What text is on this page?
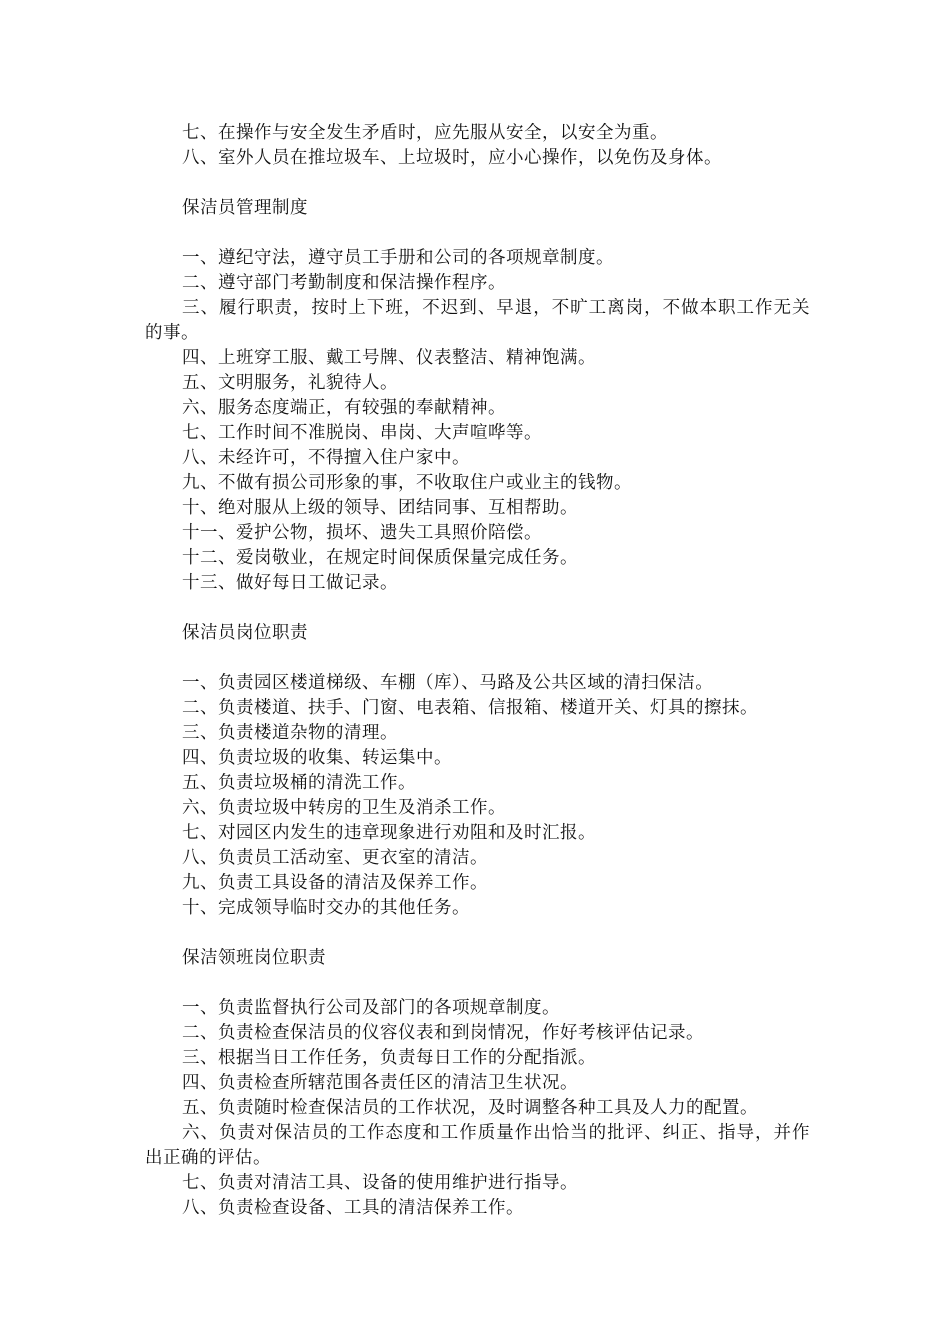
七、在操作与安全发生矛盾时，应先服从安全，以安全为重。
八、室外人员在推垃圾车、上垃圾时，应小心操作，以免伤及身体。
保洁员管理制度
一、遵纪守法，遵守员工手册和公司的各项规章制度。
二、遵守部门考勤制度和保洁操作程序。
三、履行职责，按时上下班，不迟到、早退，不旷工离岗，不做本职工作无关的事。
四、上班穿工服、戴工号牌、仪表整洁、精神饱满。
五、文明服务，礼貌待人。
六、服务态度端正，有较强的奉献精神。
七、工作时间不准脱岗、串岗、大声喧哗等。
八、未经许可，不得擅入住户家中。
九、不做有损公司形象的事，不收取住户或业主的钱物。
十、绝对服从上级的领导、团结同事、互相帮助。
十一、爱护公物，损坏、遗失工具照价陪偿。
十二、爱岗敬业，在规定时间保质保量完成任务。
十三、做好每日工做记录。
保洁员岗位职责
一、负责园区楼道梯级、车棚（库）、马路及公共区域的清扫保洁。
二、负责楼道、扶手、门窗、电表箱、信报箱、楼道开关、灯具的擦抹。
三、负责楼道杂物的清理。
四、负责垃圾的收集、转运集中。
五、负责垃圾桶的清洗工作。
六、负责垃圾中转房的卫生及消杀工作。
七、对园区内发生的违章现象进行劝阻和及时汇报。
八、负责员工活动室、更衣室的清洁。
九、负责工具设备的清洁及保养工作。
十、完成领导临时交办的其他任务。
保洁领班岗位职责
一、负责监督执行公司及部门的各项规章制度。
二、负责检查保洁员的仪容仪表和到岗情况，作好考核评估记录。
三、根据当日工作任务，负责每日工作的分配指派。
四、负责检查所辖范围各责任区的清洁卫生状况。
五、负责随时检查保洁员的工作状况，及时调整各种工具及人力的配置。
六、负责对保洁员的工作态度和工作质量作出恰当的批评、纠正、指导，并作出正确的评估。
七、负责对清洁工具、设备的使用维护进行指导。
八、负责检查设备、工具的清洁保养工作。
